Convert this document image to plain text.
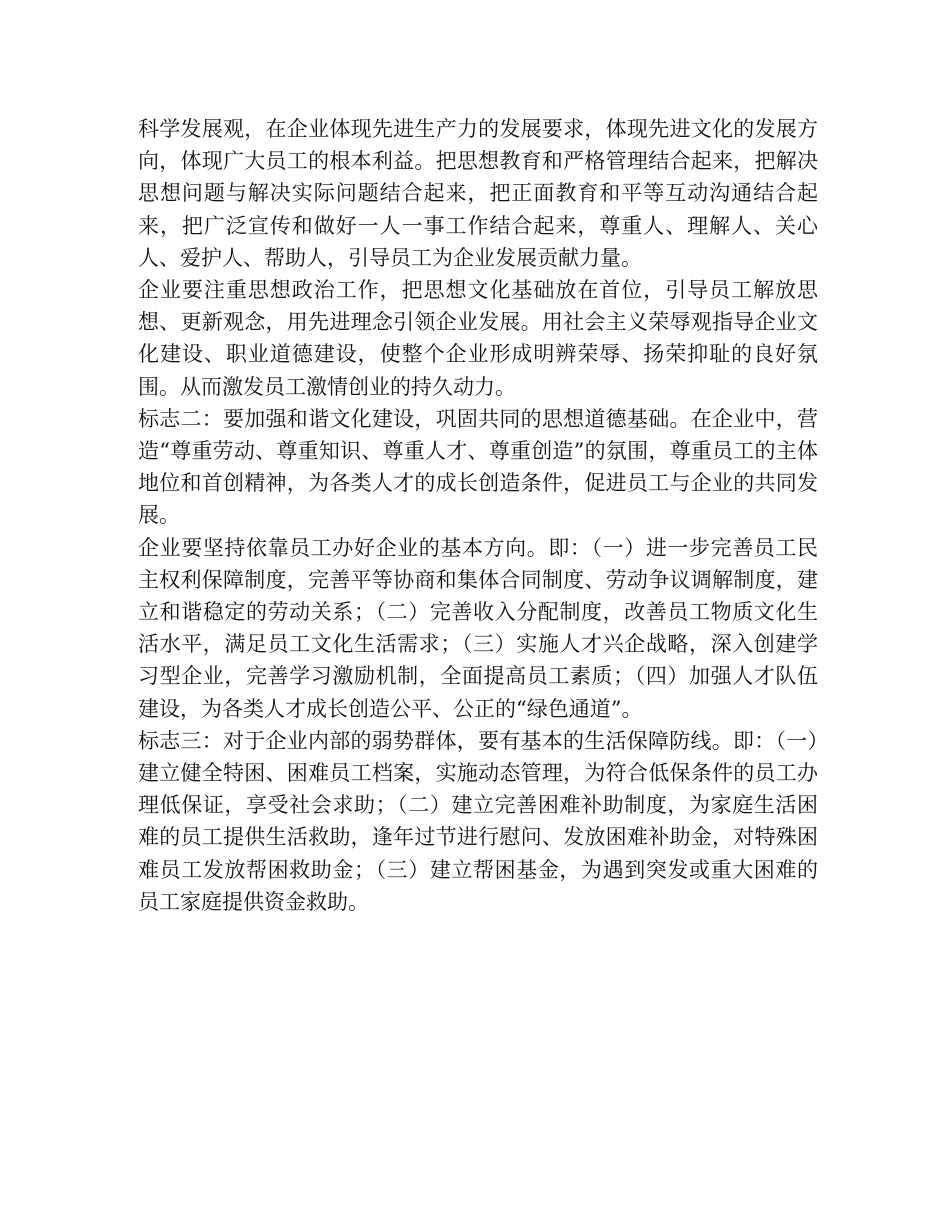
科学发展观，在企业体现先进生产力的发展要求，体现先进文化的发展方向，体现广大员工的根本利益。把思想教育和严格管理结合起来，把解决思想问题与解决实际问题结合起来，把正面教育和平等互动沟通结合起来，把广泛宣传和做好一人一事工作结合起来，尊重人、理解人、关心人、爱护人、帮助人，引导员工为企业发展贡献力量。

企业要注重思想政治工作，把思想文化基础放在首位，引导员工解放思想、更新观念，用先进理念引领企业发展。用社会主义荣辱观指导企业文化建设、职业道德建设，使整个企业形成明辨荣辱、扬荣抑耻的良好氛围。从而激发员工激情创业的持久动力。

标志二：要加强和谐文化建设，巩固共同的思想道德基础。在企业中，营造“尊重劳动、尊重知识、尊重人才、尊重创造”的氛围，尊重员工的主体地位和首创精神，为各类人才的成长创造条件，促进员工与企业的共同发展。

企业要坚持依靠员工办好企业的基本方向。即：（一）进一步完善员工民主权利保障制度，完善平等协商和集体合同制度、劳动争议调解制度，建立和谐稳定的劳动关系；（二）完善收入分配制度，改善员工物质文化生活水平，满足员工文化生活需求；（三）实施人才兴企战略，深入创建学习型企业，完善学习激励机制，全面提高员工素质；（四）加强人才队伍建设，为各类人才成长创造公平、公正的“绿色通道”。

标志三：对于企业内部的弱势群体，要有基本的生活保障防线。即：（一）建立健全特困、困难员工档案，实施动态管理，为符合低保条件的员工办理低保证，享受社会求助；（二）建立完善困难补助制度，为家庭生活困难的员工提供生活救助，逢年过节进行慰问、发放困难补助金，对特殊困难员工发放帮困救助金；（三）建立帮困基金，为遇到突发或重大困难的员工家庭提供资金救助。
